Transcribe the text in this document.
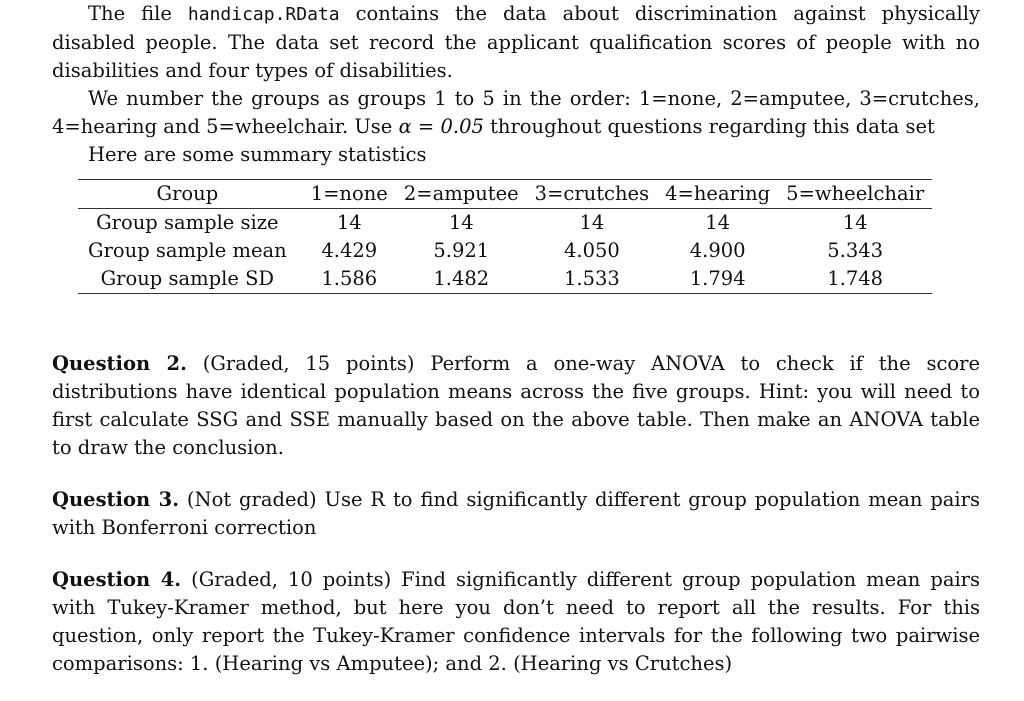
The file handicap.RData contains the data about discrimination against physically disabled people. The data set record the applicant qualification scores of people with no disabilities and four types of disabilities.

We number the groups as groups 1 to 5 in the order: 1=none, 2=amputee, 3=crutches, 4=hearing and 5=wheelchair. Use α = 0.05 throughout questions regarding this data set

Here are some summary statistics

Group	1=none	2=amputee	3=crutches	4=hearing	5=wheelchair
Group sample size	14	14	14	14	14
Group sample mean	4.429	5.921	4.050	4.900	5.343
Group sample SD	1.586	1.482	1.533	1.794	1.748

Question 2. (Graded, 15 points) Perform a one-way ANOVA to check if the score distributions have identical population means across the five groups. Hint: you will need to first calculate SSG and SSE manually based on the above table. Then make an ANOVA table to draw the conclusion.

Question 3. (Not graded) Use R to find significantly different group population mean pairs with Bonferroni correction

Question 4. (Graded, 10 points) Find significantly different group population mean pairs with Tukey-Kramer method, but here you don’t need to report all the results. For this question, only report the Tukey-Kramer confidence intervals for the following two pairwise comparisons: 1. (Hearing vs Amputee); and 2. (Hearing vs Crutches)
